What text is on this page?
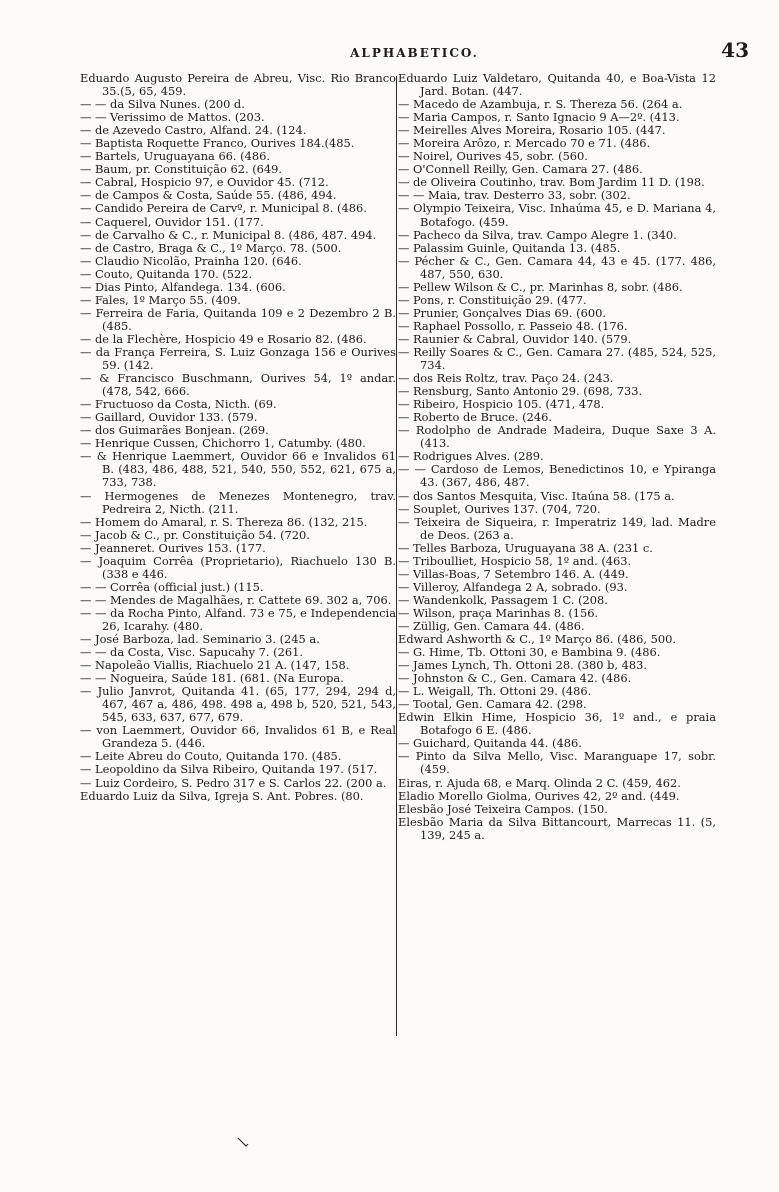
ALPHABETICO.	43
Eduardo Augusto Pereira de Abreu, Visc. Rio Branco 35.(5, 65, 459.
— — da Silva Nunes. (200 d.
— — Verissimo de Mattos. (203.
— de Azevedo Castro, Alfand. 24. (124.
— Baptista Roquette Franco, Ourives 184.(485.
— Bartels, Uruguayana 66. (486.
— Baum, pr. Constituição 62. (649.
— Cabral, Hospicio 97, e Ouvidor 45. (712.
— de Campos & Costa, Saúde 55. (486, 494.
— Candido Pereira de Carvº, r. Municipal 8. (486.
— Caquerel, Ouvidor 151. (177.
— de Carvalho & C., r. Municipal 8. (486, 487. 494.
— de Castro, Braga & C., 1º Março. 78. (500.
— Claudio Nicolão, Prainha 120. (646.
— Couto, Quitanda 170. (522.
— Dias Pinto, Alfandega. 134. (606.
— Fales, 1º Março 55. (409.
— Ferreira de Faria, Quitanda 109 e 2 Dezembro 2 B. (485.
— de la Flechère, Hospicio 49 e Rosario 82. (486.
— da França Ferreira, S. Luiz Gonzaga 156 e Ourives 59. (142.
— & Francisco Buschmann, Ourives 54, 1º andar. (478, 542, 666.
— Fructuoso da Costa, Nicth. (69.
— Gaillard, Ouvidor 133. (579.
— dos Guimarães Bonjean. (269.
— Henrique Cussen, Chichorro 1, Catumby. (480.
— & Henrique Laemmert, Ouvidor 66 e Invalidos 61 B. (483, 486, 488, 521, 540, 550, 552, 621, 675 a, 733, 738.
— Hermogenes de Menezes Montenegro, trav. Pedreira 2, Nicth. (211.
— Homem do Amaral, r. S. Thereza 86. (132, 215.
— Jacob & C., pr. Constituição 54. (720.
— Jeanneret. Ourives 153. (177.
— Joaquim Corrêa (Proprietario), Riachuelo 130 B. (338 e 446.
— — Corrêa (official just.) (115.
— — Mendes de Magalhães, r. Cattete 69. 302 a, 706.
— — da Rocha Pinto, Alfand. 73 e 75, e Independencia 26, Icarahy. (480.
— José Barboza, lad. Seminario 3. (245 a.
— — da Costa, Visc. Sapucahy 7. (261.
— Napoleão Viallis, Riachuelo 21 A. (147, 158.
— — Nogueira, Saúde 181. (681. (Na Europa.
— Julio Janvrot, Quitanda 41. (65, 177, 294, 294 d, 467, 467 a, 486, 498. 498 a, 498 b, 520, 521, 543, 545, 633, 637, 677, 679.
— von Laemmert, Ouvidor 66, Invalidos 61 B, e Real Grandeza 5. (446.
— Leite Abreu do Couto, Quitanda 170. (485.
— Leopoldino da Silva Ribeiro, Quitanda 197. (517.
— Luiz Cordeiro, S. Pedro 317 e S. Carlos 22. (200 a.
Eduardo Luiz da Silva, Igreja S. Ant. Pobres. (80.
Eduardo Luiz Valdetaro, Quitanda 40, e Boa-Vista 12 Jard. Botan. (447.
— Macedo de Azambuja, r. S. Thereza 56. (264 a.
— Maria Campos, r. Santo Ignacio 9 A—2º. (413.
— Meirelles Alves Moreira, Rosario 105. (447.
— Moreira Arôzo, r. Mercado 70 e 71. (486.
— Noirel, Ourives 45, sobr. (560.
— O'Connell Reilly, Gen. Camara 27. (486.
— de Oliveira Coutinho, trav. Bom Jardim 11 D. (198.
— — Maia, trav. Desterro 33, sobr. (302.
— Olympio Teixeira, Visc. Inhaúma 45, e D. Mariana 4, Botafogo. (459.
— Pacheco da Silva, trav. Campo Alegre 1. (340.
— Palassim Guinle, Quitanda 13. (485.
— Pécher & C., Gen. Camara 44, 43 e 45. (177. 486, 487, 550, 630.
— Pellew Wilson & C., pr. Marinhas 8, sobr. (486.
— Pons, r. Constituição 29. (477.
— Prunier, Gonçalves Dias 69. (600.
— Raphael Possollo, r. Passeio 48. (176.
— Raunier & Cabral, Ouvidor 140. (579.
— Reilly Soares & C., Gen. Camara 27. (485, 524, 525, 734.
— dos Reis Roltz, trav. Paço 24. (243.
— Rensburg, Santo Antonio 29. (698, 733.
— Ribeiro, Hospicio 105. (471, 478.
— Roberto de Bruce. (246.
— Rodolpho de Andrade Madeira, Duque Saxe 3 A. (413.
— Rodrigues Alves. (289.
— — Cardoso de Lemos, Benedictinos 10, e Ypiranga 43. (367, 486, 487.
— dos Santos Mesquita, Visc. Itaúna 58. (175 a.
— Souplet, Ourives 137. (704, 720.
— Teixeira de Siqueira, r. Imperatriz 149, lad. Madre de Deos. (263 a.
— Telles Barboza, Uruguayana 38 A. (231 c.
— Triboulliet, Hospicio 58, 1º and. (463.
— Villas-Boas, 7 Setembro 146. A. (449.
— Villeroy, Alfandega 2 A, sobrado. (93.
— Wandenkolk, Passagem 1 C. (208.
— Wilson, praça Marinhas 8. (156.
— Züllig, Gen. Camara 44. (486.
Edward Ashworth & C., 1º Março 86. (486, 500.
— G. Hime, Tb. Ottoni 30, e Bambina 9. (486.
— James Lynch, Th. Ottoni 28. (380 b, 483.
— Johnston & C., Gen. Camara 42. (486.
— L. Weigall, Th. Ottoni 29. (486.
— Tootal, Gen. Camara 42. (298.
Edwin Elkin Hime, Hospicio 36, 1º and., e praia Botafogo 6 E. (486.
— Guichard, Quitanda 44. (486.
— Pinto da Silva Mello, Visc. Maranguape 17, sobr. (459.
Eiras, r. Ajuda 68, e Marq. Olinda 2 C. (459, 462.
Eladio Morello Giolma, Ourives 42, 2º and. (449.
Elesbão José Teixeira Campos. (150.
Elesbão Maria da Silva Bittancourt, Marrecas 11. (5, 139, 245 a.
